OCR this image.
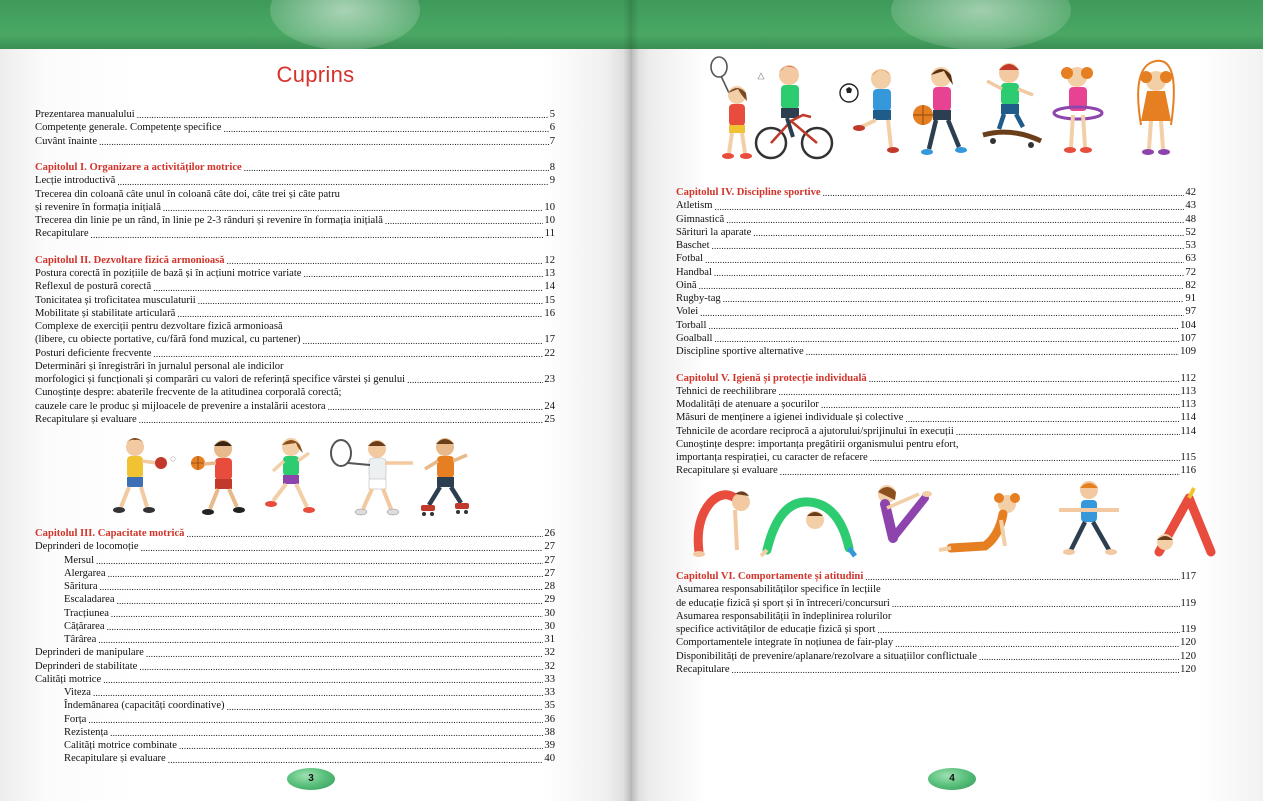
Cuprins
Prezentarea manualului .....	5
Competențe generale. Competențe specifice .....	6
Cuvânt înainte .....	7
Capitolul I. Organizare a activităților motrice .....	8
Lecție introductivă .....	9
Trecerea din coloană câte unul în coloană câte doi, câte trei și câte patru
și revenire în formația inițială .....	10
Trecerea din linie pe un rând, în linie pe 2-3 rânduri și revenire în formația inițială .....	10
Recapitulare .....	11
Capitolul II. Dezvoltare fizică armonioasă .....	12
Postura corectă în pozițiile de bază și în acțiuni motrice variate .....	13
Reflexul de postură corectă .....	14
Tonicitatea și troficitatea musculaturii .....	15
Mobilitate și stabilitate articulară .....	16
Complexe de exerciții pentru dezvoltare fizică armonioasă
(libere, cu obiecte portative, cu/fără fond muzical, cu partener) .....	17
Posturi deficiente frecvente .....	22
Determinări și înregistrări în jurnalul personal ale indicilor
morfologici și funcționali și comparări cu valori de referință specifice vârstei și genului .....	23
Cunoștințe despre: abaterile frecvente de la atitudinea corporală corectă;
cauzele care le produc și mijloacele de prevenire a instalării acestora .....	24
Recapitulare și evaluare .....	25
Capitolul III. Capacitate motrică .....	26
Deprinderi de locomoție .....	27
Mersul .....	27
Alergarea .....	27
Săritura .....	28
Escaladarea .....	29
Tracțiunea .....	30
Cățărarea .....	30
Târârea .....	31
Deprinderi de manipulare .....	32
Deprinderi de stabilitate .....	32
Calități motrice .....	33
Viteza .....	33
Îndemânarea (capacități coordinative) .....	35
Forța .....	36
Rezistența .....	38
Calități motrice combinate .....	39
Recapitulare și evaluare .....	40
3
Capitolul IV. Discipline sportive .....	42
Atletism .....	43
Gimnastică .....	48
Sărituri la aparate .....	52
Baschet .....	53
Fotbal .....	63
Handbal .....	72
Oină .....	82
Rugby-tag .....	91
Volei .....	97
Torball .....	104
Goalball .....	107
Discipline sportive alternative .....	109
Capitolul V. Igienă și protecție individuală .....	112
Tehnici de reechilibrare .....	113
Modalități de atenuare a șocurilor .....	113
Măsuri de menținere a igienei individuale și colective .....	114
Tehnicile de acordare reciprocă a ajutorului/sprijinului în execuții .....	114
Cunoștințe despre: importanța pregătirii organismului pentru efort,
importanța respirației, cu caracter de refacere .....	115
Recapitulare și evaluare .....	116
Capitolul VI. Comportamente și atitudini .....	117
Asumarea responsabilităților specifice în lecțiile
de educație fizică și sport și în întreceri/concursuri .....	119
Asumarea responsabilității în îndeplinirea rolurilor
specifice activităților de educație fizică și sport .....	119
Comportamentele integrate în noțiunea de fair-play .....	120
Disponibilități de prevenire/aplanare/rezolvare a situațiilor conflictuale .....	120
Recapitulare .....	120
4
